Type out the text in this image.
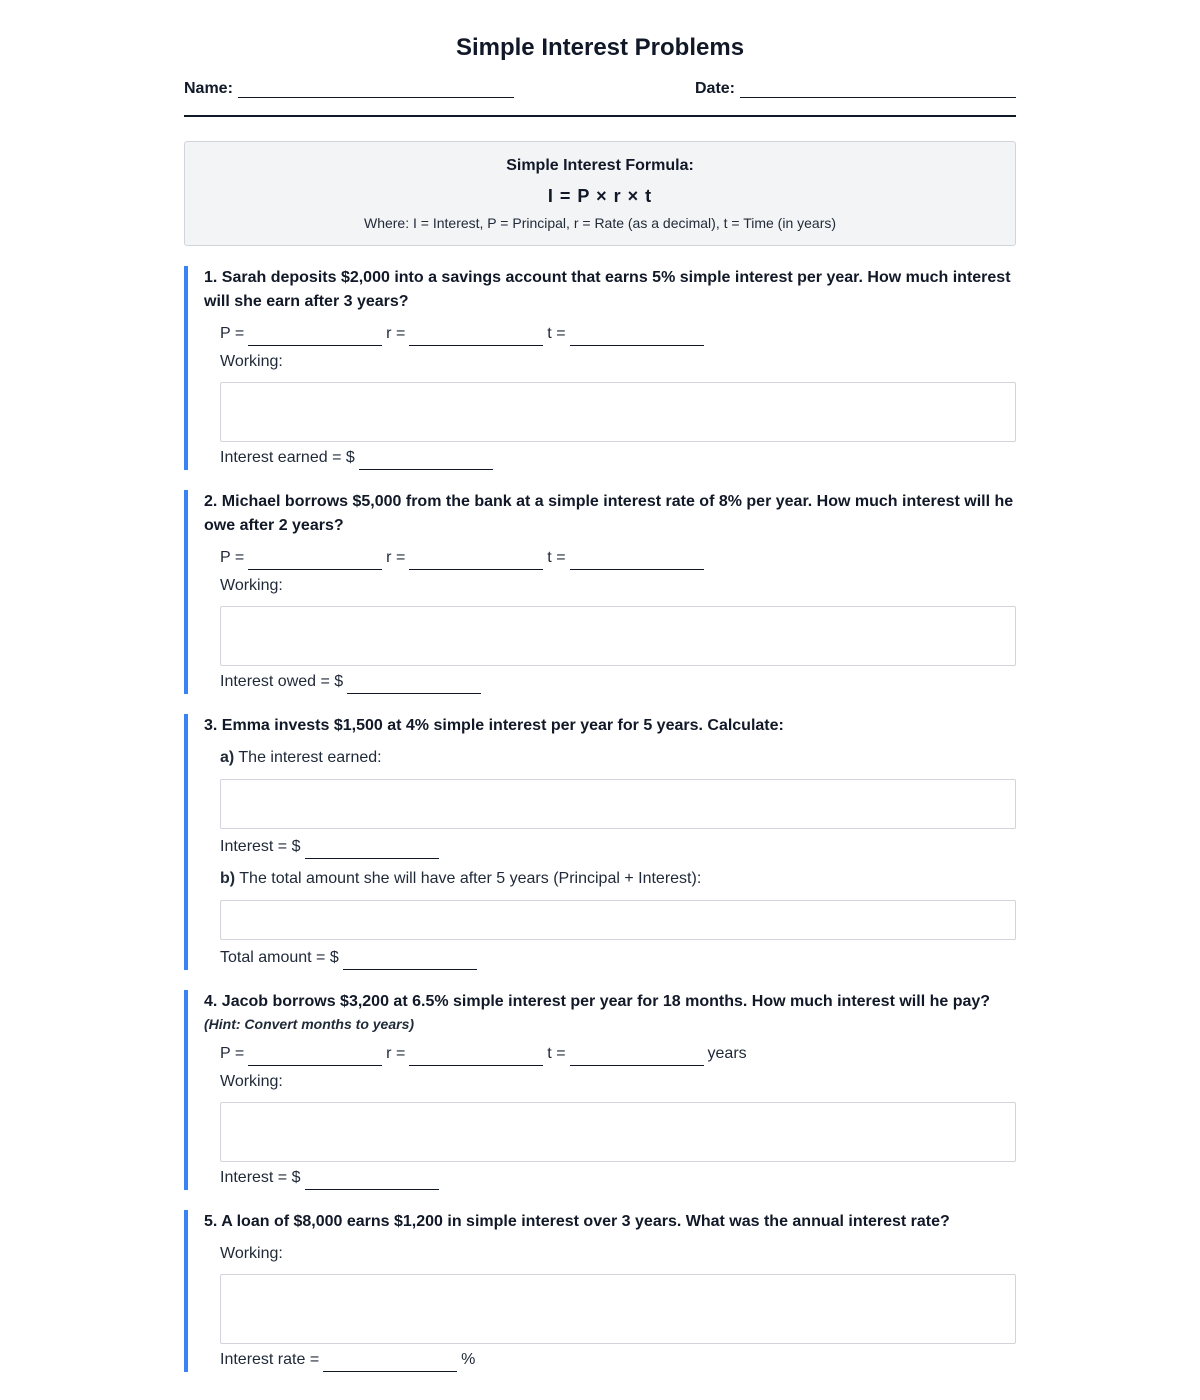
Simple Interest Problems
Name:	Date:
Simple Interest Formula:
I = P × r × t
Where: I = Interest, P = Principal, r = Rate (as a decimal), t = Time (in years)
1. Sarah deposits $2,000 into a savings account that earns 5% simple interest per year. How much interest will she earn after 3 years?
P =	r =	t =
Working:
Interest earned = $
2. Michael borrows $5,000 from the bank at a simple interest rate of 8% per year. How much interest will he owe after 2 years?
P =	r =	t =
Working:
Interest owed = $
3. Emma invests $1,500 at 4% simple interest per year for 5 years. Calculate:
a) The interest earned:
Interest = $
b) The total amount she will have after 5 years (Principal + Interest):
Total amount = $
4. Jacob borrows $3,200 at 6.5% simple interest per year for 18 months. How much interest will he pay?
(Hint: Convert months to years)
P =	r =	t =	years
Working:
Interest = $
5. A loan of $8,000 earns $1,200 in simple interest over 3 years. What was the annual interest rate?
Working:
Interest rate =	%
